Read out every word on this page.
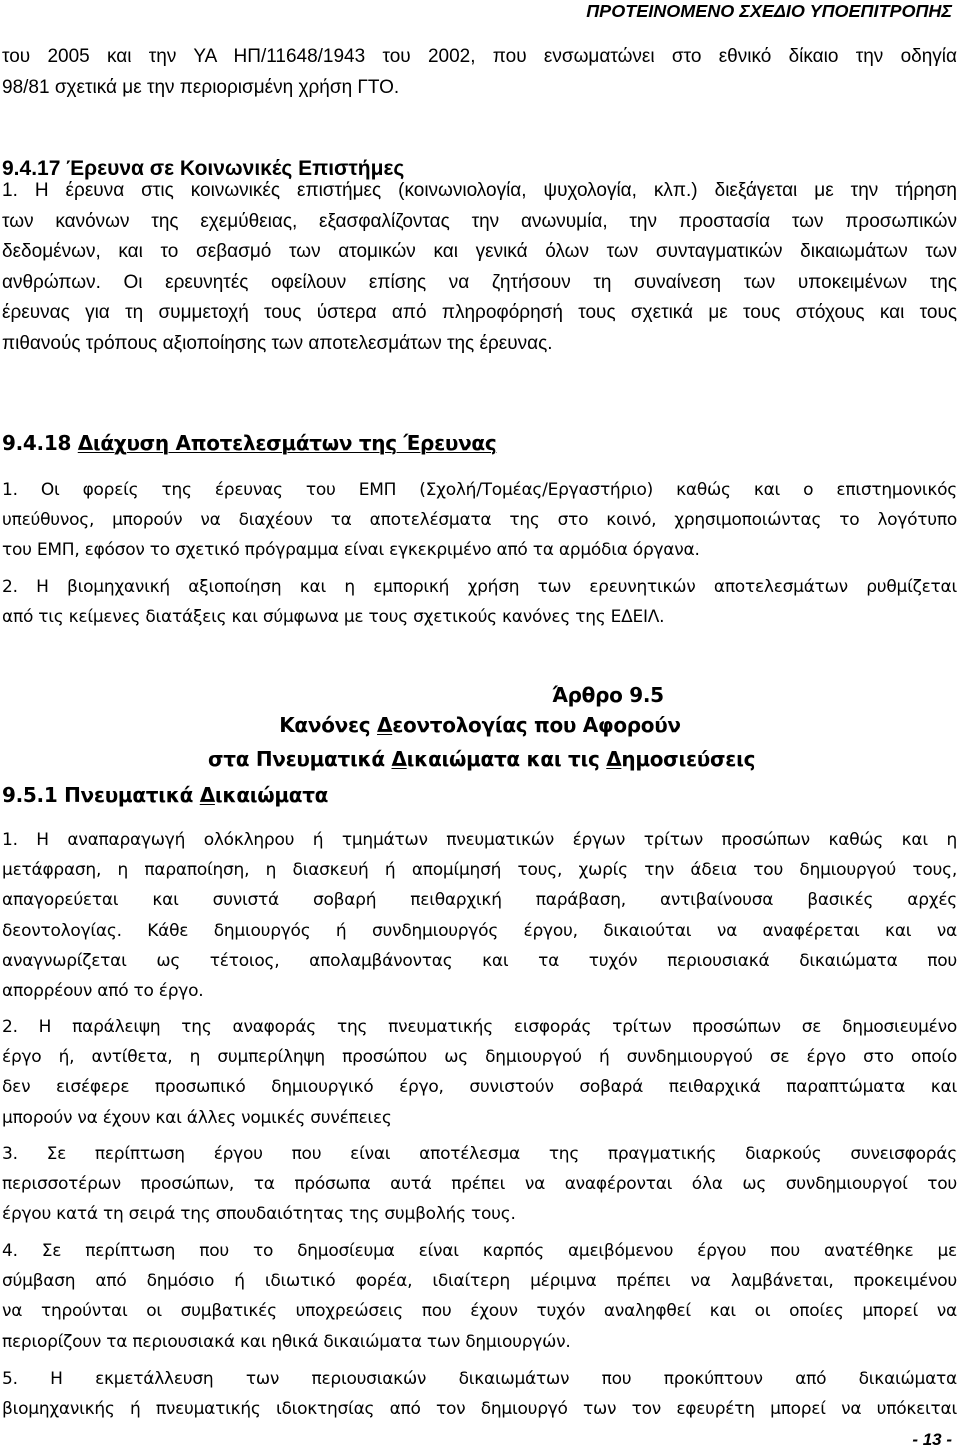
ΠΡΟΤΕΙΝΟΜΕΝΟ ΣΧΕΔΙΟ ΥΠΟΕΠΙΤΡΟΠΗΣ
του 2005 και την ΥΑ ΗΠ/11648/1943 του 2002, που ενσωματώνει στο εθνικό δίκαιο την οδηγία
98/81 σχετικά με την περιορισμένη χρήση ΓΤΟ.
9.4.17 Έρευνα σε Κοινωνικές Επιστήμες
1. Η έρευνα στις κοινωνικές επιστήμες (κοινωνιολογία, ψυχολογία, κλπ.) διεξάγεται με την τήρηση
των κανόνων της εχεμύθειας, εξασφαλίζοντας την ανωνυμία, την προστασία των προσωπικών
δεδομένων, και το σεβασμό των ατομικών και γενικά όλων των συνταγματικών δικαιωμάτων των
ανθρώπων. Οι ερευνητές οφείλουν επίσης να ζητήσουν τη συναίνεση των υποκειμένων της
έρευνας για τη συμμετοχή τους ύστερα από πληροφόρησή τους σχετικά με τους στόχους και τους
πιθανούς τρόπους αξιοποίησης των αποτελεσμάτων της έρευνας.
9.4.18 Διάχυση Αποτελεσμάτων της Έρευνας
1. Οι φορείς της έρευνας του ΕΜΠ (Σχολή/Τομέας/Εργαστήριο) καθώς και ο επιστημονικός
υπεύθυνος, μπορούν να διαχέουν τα αποτελέσματα της στο κοινό, χρησιμοποιώντας το λογότυπο
του ΕΜΠ, εφόσον το σχετικό πρόγραμμα είναι εγκεκριμένο από τα αρμόδια όργανα.
2. Η βιομηχανική αξιοποίηση και η εμπορική χρήση των ερευνητικών αποτελεσμάτων ρυθμίζεται
από τις κείμενες διατάξεις και σύμφωνα με τους σχετικούς κανόνες της ΕΔΕΙΛ.
Άρθρο 9.5
Κανόνες Δεοντολογίας που Αφορούν
στα Πνευματικά Δικαιώματα και τις Δημοσιεύσεις
9.5.1 Πνευματικά Δικαιώματα
1. Η αναπαραγωγή ολόκληρου ή τμημάτων πνευματικών έργων τρίτων προσώπων καθώς και η
μετάφραση, η παραποίηση, η διασκευή ή απομίμησή τους, χωρίς την άδεια του δημιουργού τους,
απαγορεύεται και συνιστά σοβαρή πειθαρχική παράβαση, αντιβαίνουσα βασικές αρχές
δεοντολογίας. Κάθε δημιουργός ή συνδημιουργός έργου, δικαιούται να αναφέρεται και να
αναγνωρίζεται ως τέτοιος, απολαμβάνοντας και τα τυχόν περιουσιακά δικαιώματα που
απορρέουν από το έργο.
2. Η παράλειψη της αναφοράς της πνευματικής εισφοράς τρίτων προσώπων σε δημοσιευμένο
έργο ή, αντίθετα, η συμπερίληψη προσώπου ως δημιουργού ή συνδημιουργού σε έργο στο οποίο
δεν εισέφερε προσωπικό δημιουργικό έργο, συνιστούν σοβαρά πειθαρχικά παραπτώματα και
μπορούν να έχουν και άλλες νομικές συνέπειες
3. Σε περίπτωση έργου που είναι αποτέλεσμα της πραγματικής διαρκούς συνεισφοράς
περισσοτέρων προσώπων, τα πρόσωπα αυτά πρέπει να αναφέρονται όλα ως συνδημιουργοί του
έργου κατά τη σειρά της σπουδαιότητας της συμβολής τους.
4. Σε περίπτωση που το δημοσίευμα είναι καρπός αμειβόμενου έργου που ανατέθηκε με
σύμβαση από δημόσιο ή ιδιωτικό φορέα, ιδιαίτερη μέριμνα πρέπει να λαμβάνεται, προκειμένου
να τηρούνται οι συμβατικές υποχρεώσεις που έχουν τυχόν αναληφθεί και οι οποίες μπορεί να
περιορίζουν τα περιουσιακά και ηθικά δικαιώματα των δημιουργών.
5. Η εκμετάλλευση των περιουσιακών δικαιωμάτων που προκύπτουν από δικαιώματα
βιομηχανικής ή πνευματικής ιδιοκτησίας από τον δημιουργό των τον εφευρέτη μπορεί να υπόκειται
- 13 -
